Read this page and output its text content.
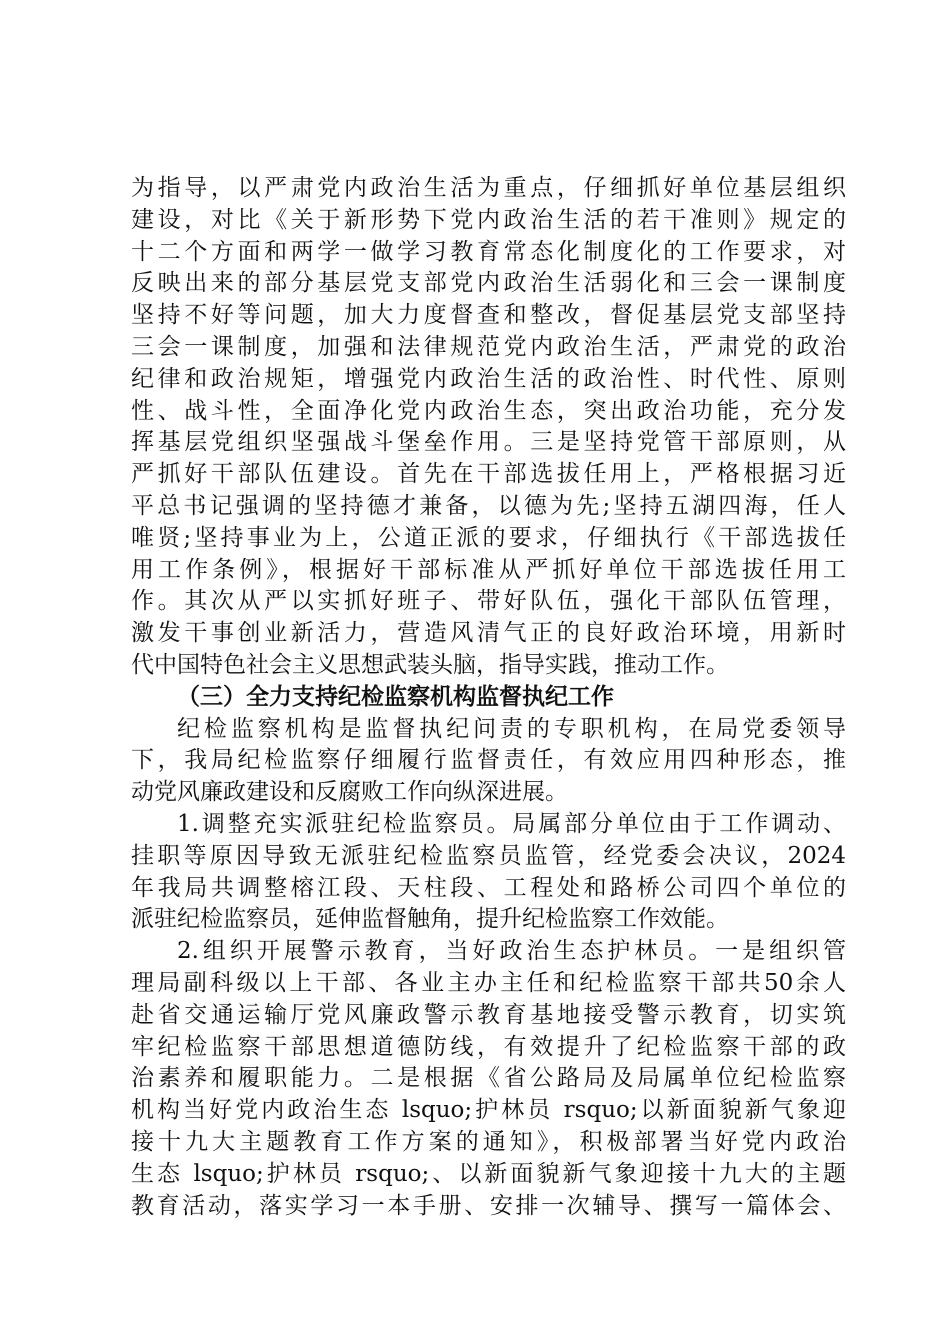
为指导，以严肃党内政治生活为重点，仔细抓好单位基层组织
建设，对比《关于新形势下党内政治生活的若干准则》规定的
十二个方面和两学一做学习教育常态化制度化的工作要求，对
反映出来的部分基层党支部党内政治生活弱化和三会一课制度
坚持不好等问题，加大力度督查和整改，督促基层党支部坚持
三会一课制度，加强和法律规范党内政治生活，严肃党的政治
纪律和政治规矩，增强党内政治生活的政治性、时代性、原则
性、战斗性，全面净化党内政治生态，突出政治功能，充分发
挥基层党组织坚强战斗堡垒作用。三是坚持党管干部原则，从
严抓好干部队伍建设。首先在干部选拔任用上，严格根据习近
平总书记强调的坚持德才兼备，以德为先;坚持五湖四海，任人
唯贤;坚持事业为上，公道正派的要求，仔细执行《干部选拔任
用工作条例》，根据好干部标准从严抓好单位干部选拔任用工
作。其次从严以实抓好班子、带好队伍，强化干部队伍管理，
激发干事创业新活力，营造风清气正的良好政治环境，用新时
代中国特色社会主义思想武装头脑，指导实践，推动工作。
（三）全力支持纪检监察机构监督执纪工作
纪检监察机构是监督执纪问责的专职机构，在局党委领导
下，我局纪检监察仔细履行监督责任，有效应用四种形态，推
动党风廉政建设和反腐败工作向纵深进展。
1.调整充实派驻纪检监察员。局属部分单位由于工作调动、
挂职等原因导致无派驻纪检监察员监管，经党委会决议，2024
年我局共调整榕江段、天柱段、工程处和路桥公司四个单位的
派驻纪检监察员，延伸监督触角，提升纪检监察工作效能。
2.组织开展警示教育，当好政治生态护林员。一是组织管
理局副科级以上干部、各业主办主任和纪检监察干部共50余人
赴省交通运输厅党风廉政警示教育基地接受警示教育，切实筑
牢纪检监察干部思想道德防线，有效提升了纪检监察干部的政
治素养和履职能力。二是根据《省公路局及局属单位纪检监察
机构当好党内政治生态 lsquo;护林员 rsquo;以新面貌新气象迎
接十九大主题教育工作方案的通知》，积极部署当好党内政治
生态 lsquo;护林员 rsquo;、以新面貌新气象迎接十九大的主题
教育活动，落实学习一本手册、安排一次辅导、撰写一篇体会、
